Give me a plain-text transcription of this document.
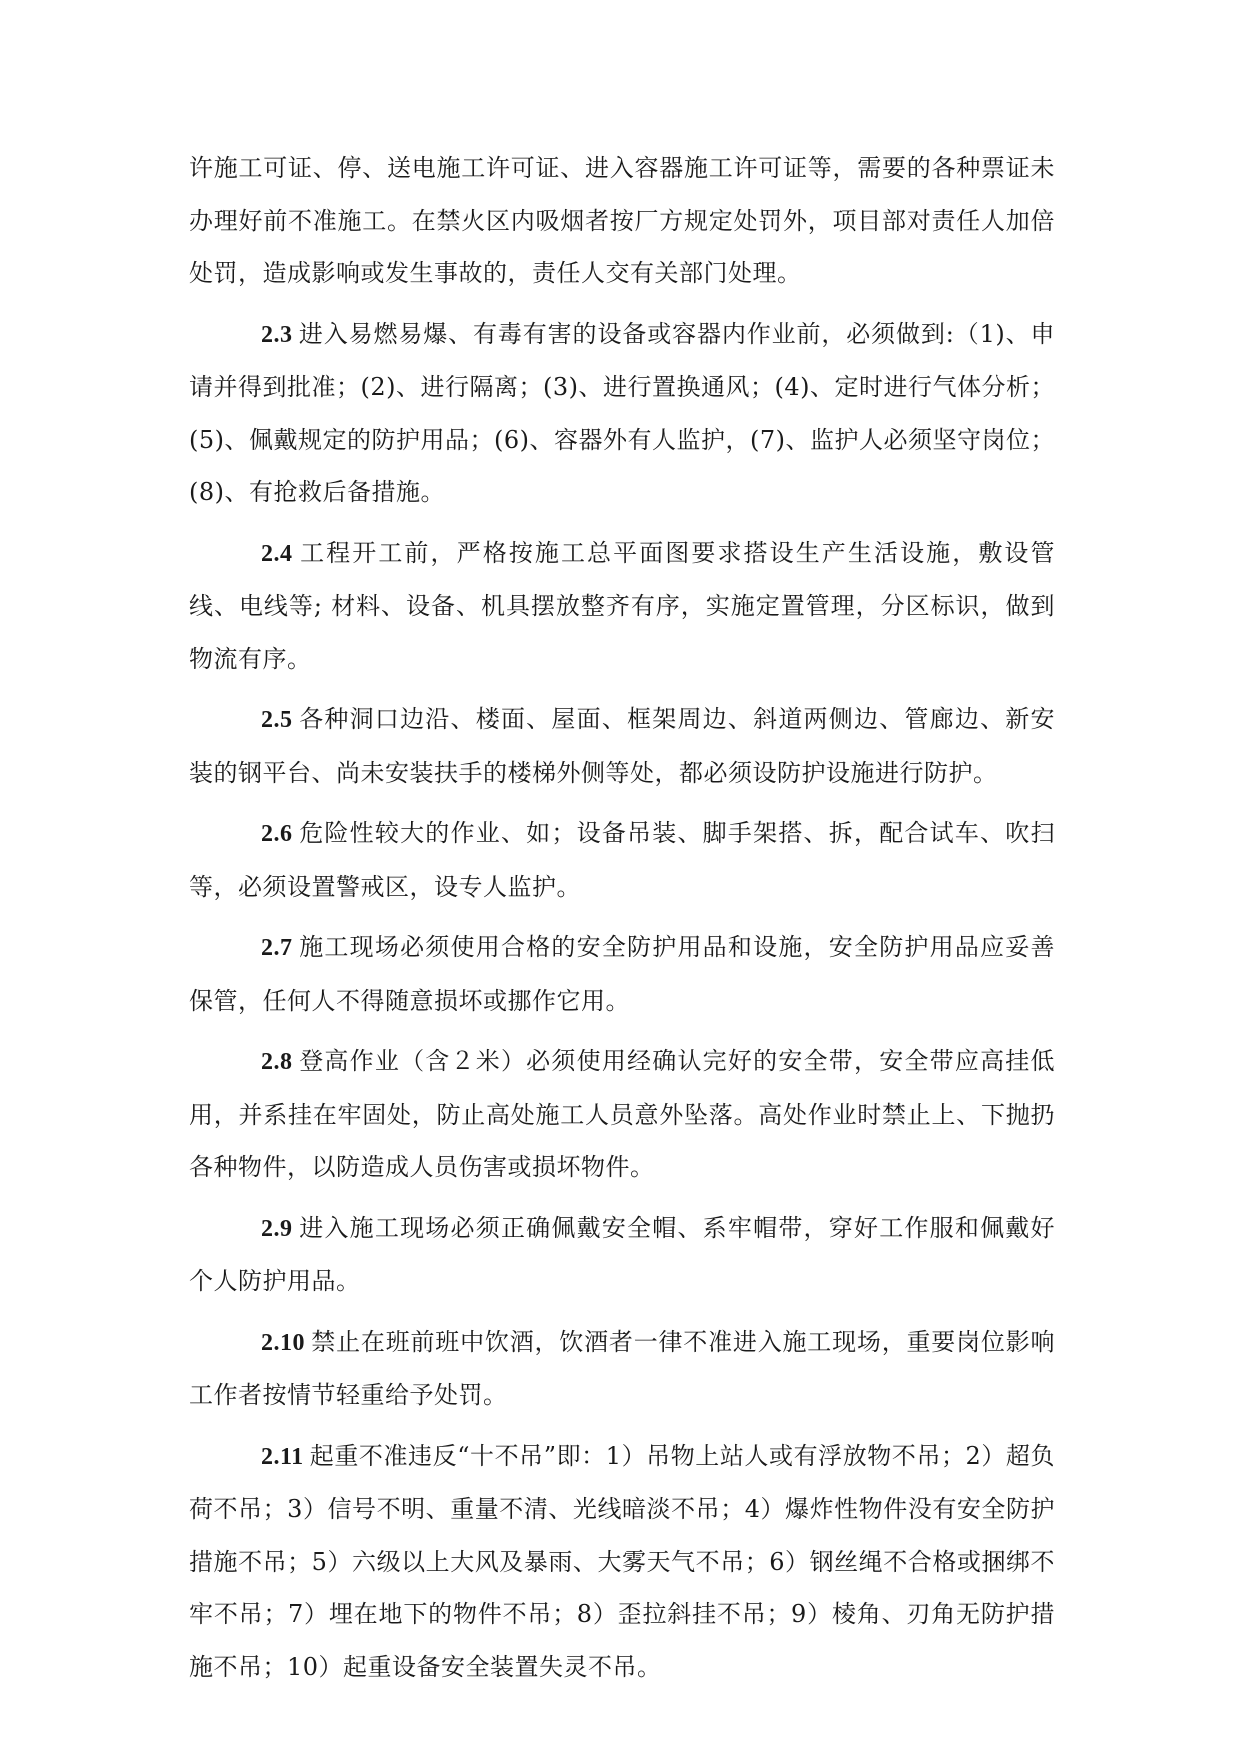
许施工可证、停、送电施工许可证、进入容器施工许可证等，需要的各种票证未办理好前不准施工。在禁火区内吸烟者按厂方规定处罚外，项目部对责任人加倍处罚，造成影响或发生事故的，责任人交有关部门处理。

2.3 进入易燃易爆、有毒有害的设备或容器内作业前，必须做到:（1)、申请并得到批准；(2)、进行隔离；(3)、进行置换通风；(4)、定时进行气体分析；(5)、佩戴规定的防护用品；(6)、容器外有人监护，(7)、监护人必须坚守岗位；(8)、有抢救后备措施。

2.4 工程开工前，严格按施工总平面图要求搭设生产生活设施，敷设管线、电线等; 材料、设备、机具摆放整齐有序，实施定置管理，分区标识，做到物流有序。

2.5 各种洞口边沿、楼面、屋面、框架周边、斜道两侧边、管廊边、新安装的钢平台、尚未安装扶手的楼梯外侧等处，都必须设防护设施进行防护。

2.6 危险性较大的作业、如；设备吊装、脚手架搭、拆，配合试车、吹扫等，必须设置警戒区，设专人监护。

2.7 施工现场必须使用合格的安全防护用品和设施，安全防护用品应妥善保管，任何人不得随意损坏或挪作它用。

2.8 登高作业（含２米）必须使用经确认完好的安全带，安全带应高挂低用，并系挂在牢固处，防止高处施工人员意外坠落。高处作业时禁止上、下抛扔各种物件，以防造成人员伤害或损坏物件。

2.9 进入施工现场必须正确佩戴安全帽、系牢帽带，穿好工作服和佩戴好个人防护用品。

2.10 禁止在班前班中饮酒，饮酒者一律不准进入施工现场，重要岗位影响工作者按情节轻重给予处罚。

2.11 起重不准违反“十不吊”即：1）吊物上站人或有浮放物不吊；2）超负荷不吊；3）信号不明、重量不清、光线暗淡不吊；4）爆炸性物件没有安全防护措施不吊；5）六级以上大风及暴雨、大雾天气不吊；6）钢丝绳不合格或捆绑不牢不吊；7）埋在地下的物件不吊；8）歪拉斜挂不吊；9）棱角、刃角无防护措施不吊；10）起重设备安全装置失灵不吊。
